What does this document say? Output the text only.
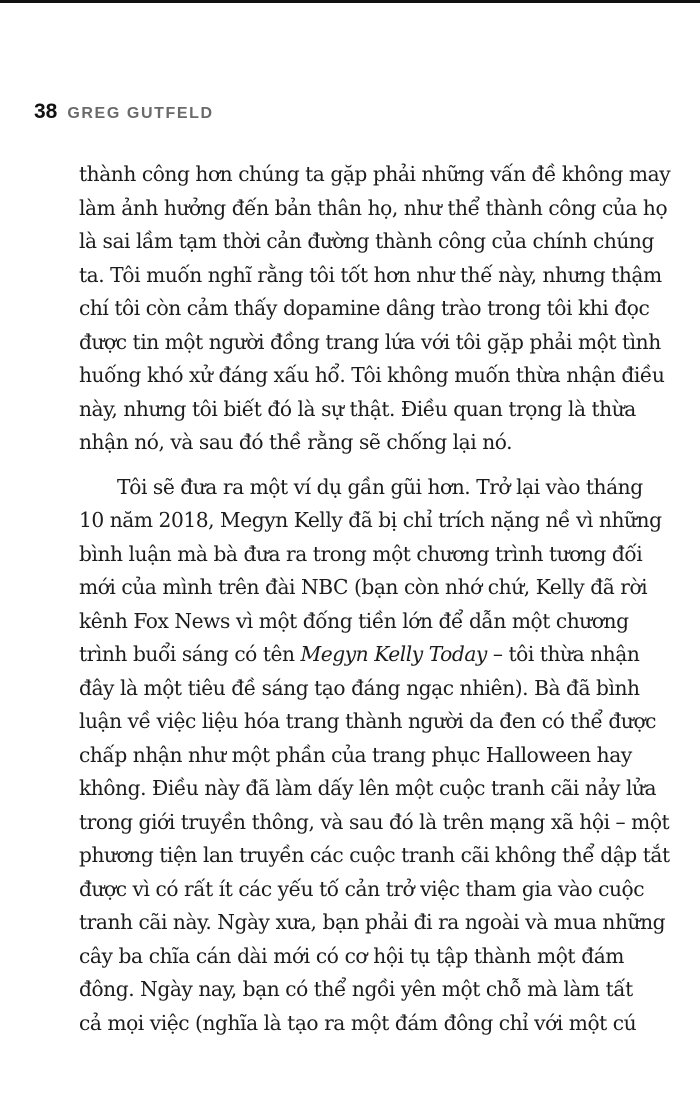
38 GREG GUTFELD
thành công hơn chúng ta gặp phải những vấn đề không may
làm ảnh hưởng đến bản thân họ, như thể thành công của họ
là sai lầm tạm thời cản đường thành công của chính chúng
ta. Tôi muốn nghĩ rằng tôi tốt hơn như thế này, nhưng thậm
chí tôi còn cảm thấy dopamine dâng trào trong tôi khi đọc
được tin một người đồng trang lứa với tôi gặp phải một tình
huống khó xử đáng xấu hổ. Tôi không muốn thừa nhận điều
này, nhưng tôi biết đó là sự thật. Điều quan trọng là thừa
nhận nó, và sau đó thề rằng sẽ chống lại nó.
Tôi sẽ đưa ra một ví dụ gần gũi hơn. Trở lại vào tháng
10 năm 2018, Megyn Kelly đã bị chỉ trích nặng nề vì những
bình luận mà bà đưa ra trong một chương trình tương đối
mới của mình trên đài NBC (bạn còn nhớ chứ, Kelly đã rời
kênh Fox News vì một đống tiền lớn để dẫn một chương
trình buổi sáng có tên Megyn Kelly Today – tôi thừa nhận
đây là một tiêu đề sáng tạo đáng ngạc nhiên). Bà đã bình
luận về việc liệu hóa trang thành người da đen có thể được
chấp nhận như một phần của trang phục Halloween hay
không. Điều này đã làm dấy lên một cuộc tranh cãi nảy lửa
trong giới truyền thông, và sau đó là trên mạng xã hội – một
phương tiện lan truyền các cuộc tranh cãi không thể dập tắt
được vì có rất ít các yếu tố cản trở việc tham gia vào cuộc
tranh cãi này. Ngày xưa, bạn phải đi ra ngoài và mua những
cây ba chĩa cán dài mới có cơ hội tụ tập thành một đám
đông. Ngày nay, bạn có thể ngồi yên một chỗ mà làm tất
cả mọi việc (nghĩa là tạo ra một đám đông chỉ với một cú
